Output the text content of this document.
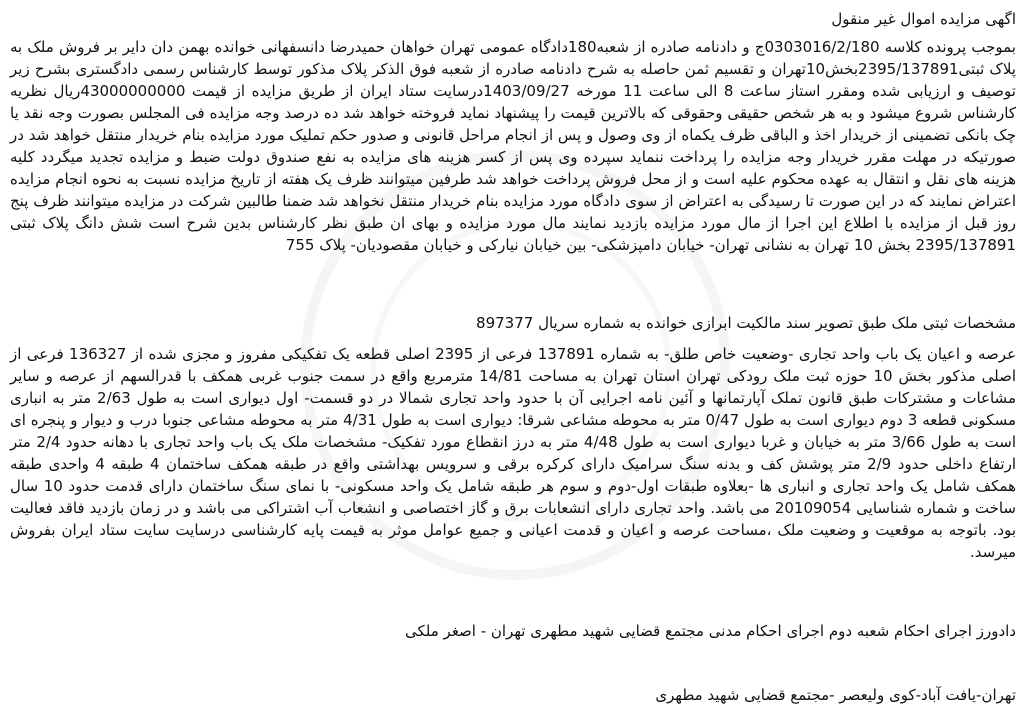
اگهی مزایده اموال غیر منقول

بموجب پرونده کلاسه 0303016/2/180ج و دادنامه صادره از شعبه180دادگاه عمومی تهران خواهان حمیدرضا دانسفهانی خوانده بهمن دان دایر بر فروش ملک به پلاک ثبتی2395/137891بخش10تهران و تقسیم ثمن حاصله به شرح دادنامه صادره از شعبه فوق الذکر پلاک مذکور توسط کارشناس رسمی دادگستری بشرح زیر توصیف و ارزیابی شده ومقرر استاز ساعت 8 الی ساعت 11 مورخه 1403/09/27درسایت ستاد ایران از طریق مزایده از قیمت 43000000000ریال نظریه کارشناس شروع میشود و به هر شخص حقیقی وحقوقی که بالاترین قیمت را پیشنهاد نماید فروخته خواهد شد ده درصد وجه مزایده فی المجلس بصورت وجه نقد یا چک بانکی تضمینی از خریدار اخذ و الباقی ظرف یکماه از وی وصول و پس از انجام مراحل قانونی و صدور حکم تملیک مورد مزایده بنام خریدار منتقل خواهد شد در صورتیکه در مهلت مقرر خریدار وجه مزایده را پرداخت ننماید سپرده وی پس از کسر هزینه های مزایده به نفع صندوق دولت ضبط و مزایده تجدید میگردد کلیه هزینه های نقل و انتقال به عهده محکوم علیه است و از محل فروش پرداخت خواهد شد طرفین میتوانند ظرف یک هفته از تاریخ مزایده نسبت به نحوه انجام مزایده اعتراض نمایند که در این صورت تا رسیدگی به اعتراض از سوی دادگاه مورد مزایده بنام خریدار منتقل نخواهد شد ضمنا طالبین شرکت در مزایده میتوانند ظرف پنج روز قبل از مزایده با اطلاع این اجرا از مال مورد مزایده بازدید نمایند مال مورد مزایده و بهای ان طبق نظر کارشناس بدین شرح است شش دانگ پلاک ثبتی 2395/137891 بخش 10 تهران به نشانی تهران- خیابان دامپزشکی- بین خیابان نیارکی و خیابان مقصودیان- پلاک 755

مشخصات ثبتی ملک طبق تصویر سند مالکیت ابرازی خوانده به شماره سریال 897377

عرصه و اعیان یک باب واحد تجاری -وضعیت خاص طلق- به شماره 137891 فرعی از 2395 اصلی قطعه یک تفکیکی مفروز و مجزی شده از 136327 فرعی از اصلی مذکور بخش 10 حوزه ثبت ملک رودکی تهران استان تهران به مساحت 14/81 مترمربع واقع در سمت جنوب غربی همکف با قدرالسهم از عرصه و سایر مشاعات و مشترکات طبق قانون تملک آپارتمانها و آئین نامه اجرایی آن با حدود واحد تجاری شمالا در دو قسمت- اول دیواری است به طول 2/63 متر به انباری مسکونی قطعه 3 دوم دیواری است به طول 0/47 متر به محوطه مشاعی شرقا: دیواری است به طول 4/31 متر به محوطه مشاعی جنوبا درب و دیوار و پنجره ای است به طول 3/66 متر به خیابان و غربا دیواری است به طول 4/48 متر به درز انقطاع مورد تفکیک- مشخصات ملک یک باب واحد تجاری با دهانه حدود 2/4 متر ارتفاع داخلی حدود 2/9 متر پوشش کف و بدنه سنگ سرامیک دارای کرکره برقی و سرویس بهداشتی واقع در طبقه همکف ساختمان 4 طبقه 4 واحدی طبقه همکف شامل یک واحد تجاری و انباری ها -بعلاوه طبقات اول-دوم و سوم هر طبقه شامل یک واحد مسکونی- با نمای سنگ ساختمان دارای قدمت حدود 10 سال ساخت و شماره شناسایی 20109054 می باشد. واحد تجاری دارای انشعابات برق و گاز اختصاصی و انشعاب آب اشتراکی می باشد و در زمان بازدید فاقد فعالیت بود. باتوجه به موقعیت و وضعیت ملک ،مساحت عرصه و اعیان و قدمت اعیانی و جمیع عوامل موثر به قیمت پایه کارشناسی درسایت سایت ستاد ایران بفروش میرسد.

دادورز اجرای احکام شعبه دوم اجرای احکام مدنی مجتمع قضایی شهید مطهری تهران - اصغر ملکی

تهران-یافت آباد-کوی ولیعصر -مجتمع قضایی شهید مطهری
